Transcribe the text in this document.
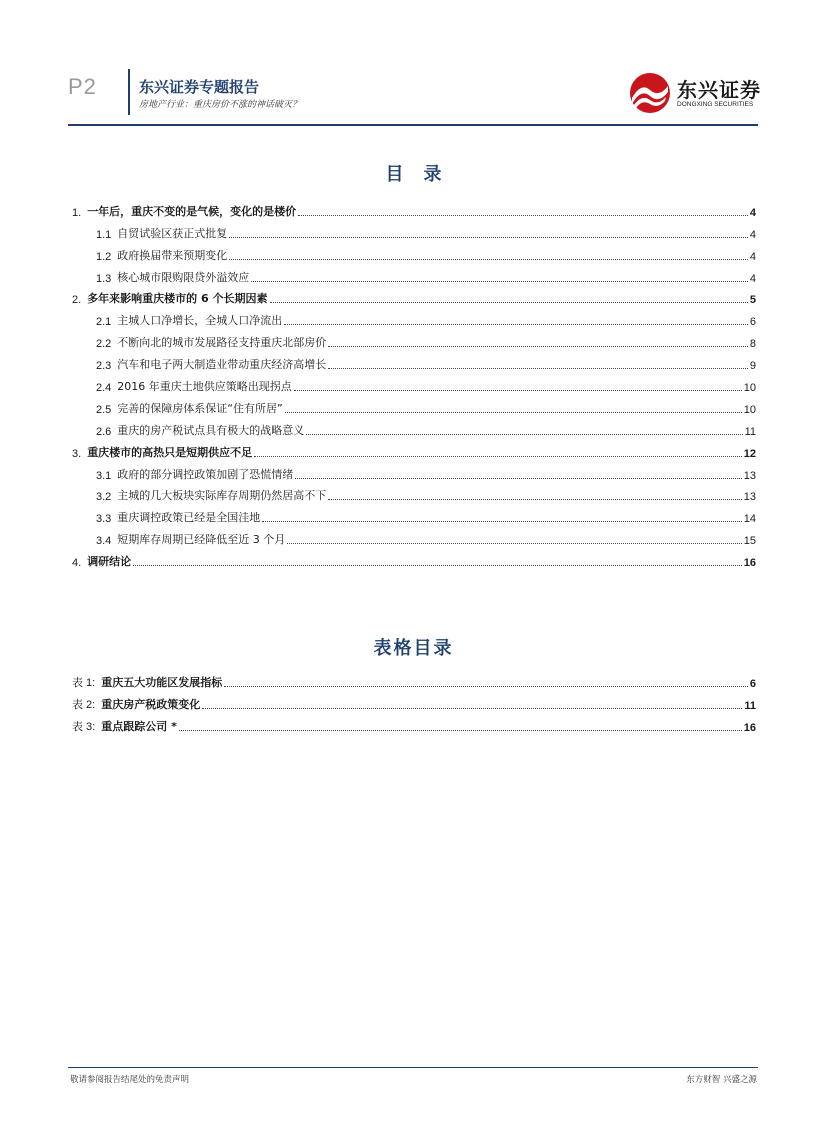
P2	东兴证券专题报告
房地产行业：重庆房价不涨的神话破灭？
东兴证券
DONGXING SECURITIES
目录
1. 一年后，重庆不变的是气候，变化的是楼价	4
1.1 自贸试验区获正式批复	4
1.2 政府换届带来预期变化	4
1.3 核心城市限购限贷外溢效应	4
2. 多年来影响重庆楼市的 6 个长期因素	5
2.1 主城人口净增长，全城人口净流出	6
2.2 不断向北的城市发展路径支持重庆北部房价	8
2.3 汽车和电子两大制造业带动重庆经济高增长	9
2.4 2016 年重庆土地供应策略出现拐点	10
2.5 完善的保障房体系保证“住有所居”	10
2.6 重庆的房产税试点具有极大的战略意义	11
3. 重庆楼市的高热只是短期供应不足	12
3.1 政府的部分调控政策加剧了恐慌情绪	13
3.2 主城的几大板块实际库存周期仍然居高不下	13
3.3 重庆调控政策已经是全国洼地	14
3.4 短期库存周期已经降低至近 3 个月	15
4. 调研结论	16
表格目录
表 1: 重庆五大功能区发展指标	6
表 2: 重庆房产税政策变化	11
表 3: 重点跟踪公司 *	16
敬请参阅报告结尾处的免责声明	东方财智 兴盛之源
